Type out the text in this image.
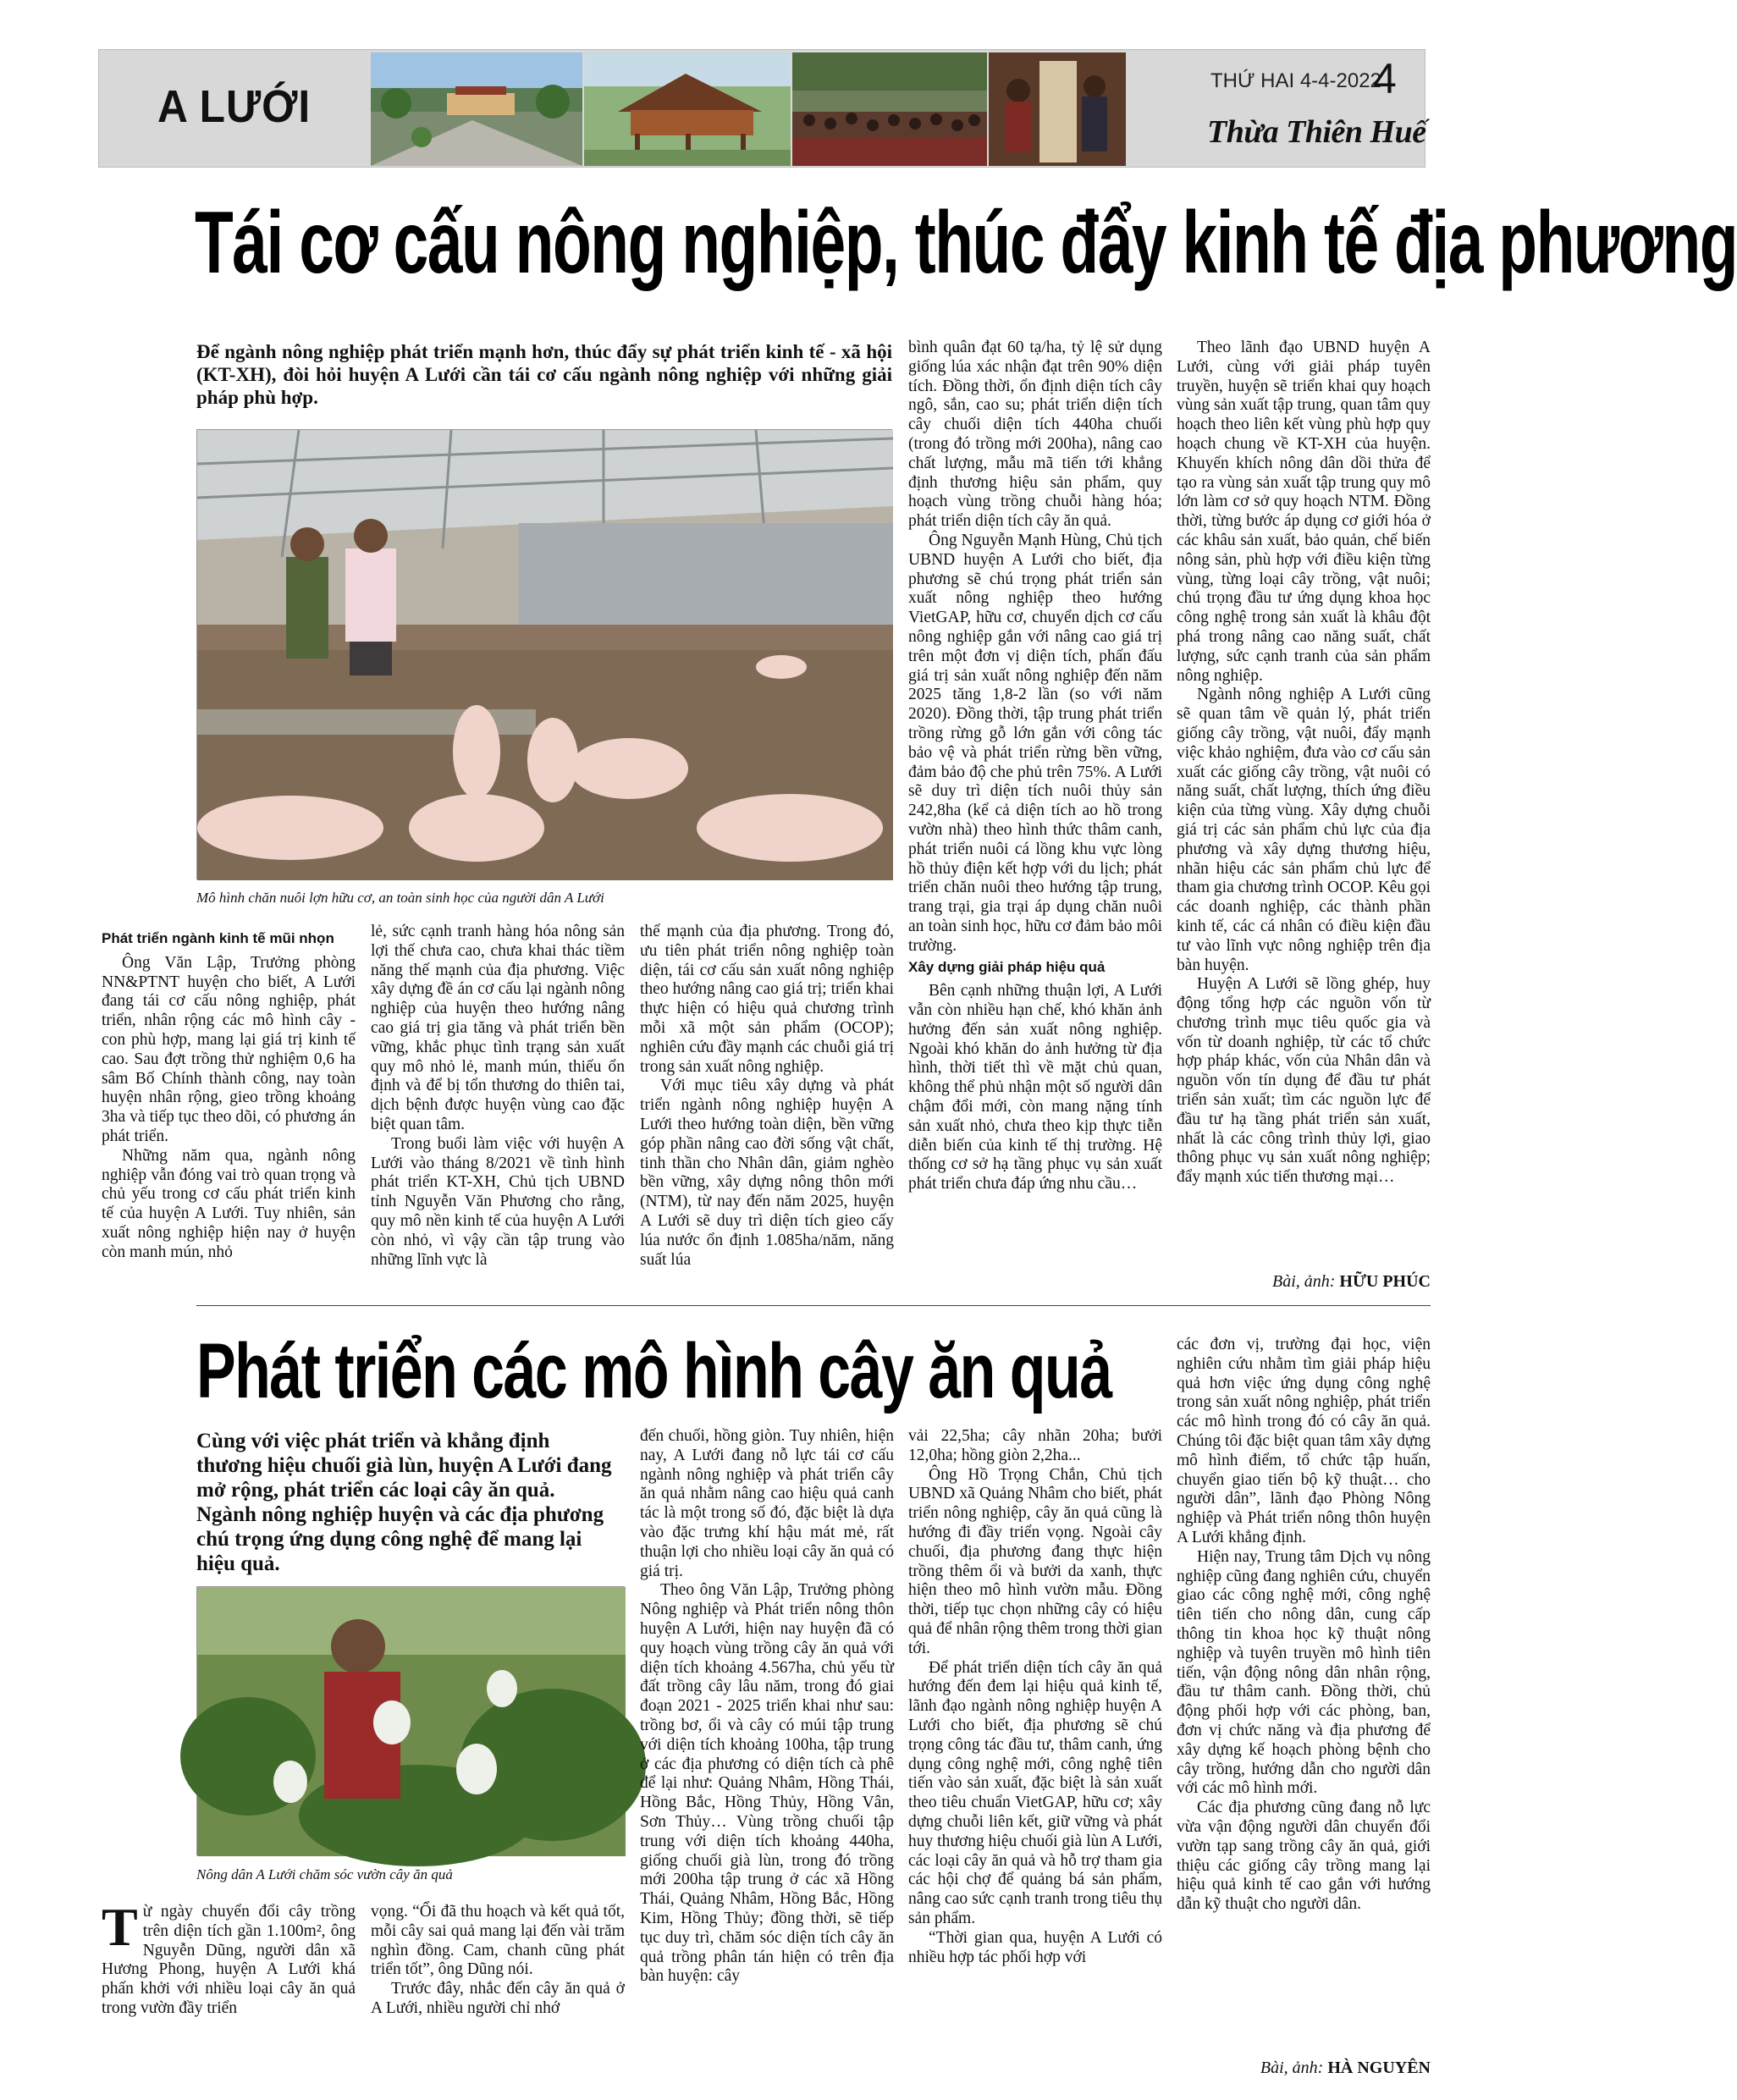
A LƯỚI
THỨ HAI 4-4-2022
4
Thừa Thiên Huế
Tái cơ cấu nông nghiệp, thúc đẩy kinh tế địa phương
Để ngành nông nghiệp phát triển mạnh hơn, thúc đẩy sự phát triển kinh tế - xã hội (KT-XH), đòi hỏi huyện A Lưới cần tái cơ cấu ngành nông nghiệp với những giải pháp phù hợp.
Mô hình chăn nuôi lợn hữu cơ, an toàn sinh học của người dân A Lưới

Phát triển ngành kinh tế mũi nhọn

Ông Văn Lập, Trưởng phòng NN&PTNT huyện cho biết, A Lưới đang tái cơ cấu nông nghiệp, phát triển, nhân rộng các mô hình cây - con phù hợp, mang lại giá trị kinh tế cao. Sau đợt trồng thử nghiệm 0,6 ha sâm Bố Chính thành công, nay toàn huyện nhân rộng, gieo trồng khoảng 3ha và tiếp tục theo dõi, có phương án phát triển.

Những năm qua, ngành nông nghiệp vẫn đóng vai trò quan trọng và chủ yếu trong cơ cấu phát triển kinh tế của huyện A Lưới. Tuy nhiên, sản xuất nông nghiệp hiện nay ở huyện còn manh mún, nhỏ

lẻ, sức cạnh tranh hàng hóa nông sản lợi thế chưa cao, chưa khai thác tiềm năng thế mạnh của địa phương. Việc xây dựng đề án cơ cấu lại ngành nông nghiệp của huyện theo hướng nâng cao giá trị gia tăng và phát triển bền vững, khắc phục tình trạng sản xuất quy mô nhỏ lẻ, manh mún, thiếu ổn định và để bị tổn thương do thiên tai, dịch bệnh được huyện vùng cao đặc biệt quan tâm.

Trong buổi làm việc với huyện A Lưới vào tháng 8/2021 về tình hình phát triển KT-XH, Chủ tịch UBND tỉnh Nguyễn Văn Phương cho rằng, quy mô nền kinh tế của huyện A Lưới còn nhỏ, vì vậy cần tập trung vào những lĩnh vực là

thế mạnh của địa phương. Trong đó, ưu tiên phát triển nông nghiệp toàn diện, tái cơ cấu sản xuất nông nghiệp theo hướng nâng cao giá trị; triển khai thực hiện có hiệu quả chương trình mỗi xã một sản phẩm (OCOP); nghiên cứu đầy mạnh các chuỗi giá trị trong sản xuất nông nghiệp.

Với mục tiêu xây dựng và phát triển ngành nông nghiệp huyện A Lưới theo hướng toàn diện, bền vững góp phần nâng cao đời sống vật chất, tinh thần cho Nhân dân, giảm nghèo bền vững, xây dựng nông thôn mới (NTM), từ nay đến năm 2025, huyện A Lưới sẽ duy trì diện tích gieo cấy lúa nước ổn định 1.085ha/năm, năng suất lúa

bình quân đạt 60 tạ/ha, tỷ lệ sử dụng giống lúa xác nhận đạt trên 90% diện tích. Đồng thời, ổn định diện tích cây ngô, sắn, cao su; phát triển diện tích cây chuối diện tích 440ha chuối (trong đó trồng mới 200ha), nâng cao chất lượng, mẫu mã tiến tới khẳng định thương hiệu sản phẩm, quy hoạch vùng trồng chuỗi hàng hóa; phát triển diện tích cây ăn quả.

Ông Nguyễn Mạnh Hùng, Chủ tịch UBND huyện A Lưới cho biết, địa phương sẽ chú trọng phát triển sản xuất nông nghiệp theo hướng VietGAP, hữu cơ, chuyển dịch cơ cấu nông nghiệp gắn với nâng cao giá trị trên một đơn vị diện tích, phấn đấu giá trị sản xuất nông nghiệp đến năm 2025 tăng 1,8-2 lần (so với năm 2020). Đồng thời, tập trung phát triển trồng rừng gỗ lớn gắn với công tác bảo vệ và phát triển rừng bền vững, đảm bảo độ che phủ trên 75%. A Lưới sẽ duy trì diện tích nuôi thủy sản 242,8ha (kể cả diện tích ao hồ trong vườn nhà) theo hình thức thâm canh, phát triển nuôi cá lồng khu vực lòng hồ thủy điện kết hợp với du lịch; phát triển chăn nuôi theo hướng tập trung, trang trại, gia trại áp dụng chăn nuôi an toàn sinh học, hữu cơ đảm bảo môi trường.

Xây dựng giải pháp hiệu quả

Bên cạnh những thuận lợi, A Lưới vẫn còn nhiều hạn chế, khó khăn ảnh hưởng đến sản xuất nông nghiệp. Ngoài khó khăn do ảnh hưởng từ địa hình, thời tiết thì về mặt chủ quan, không thể phủ nhận một số người dân chậm đổi mới, còn mang nặng tính sản xuất nhỏ, chưa theo kịp thực tiễn diễn biến của kinh tế thị trường. Hệ thống cơ sở hạ tầng phục vụ sản xuất phát triển chưa đáp ứng nhu cầu…

Theo lãnh đạo UBND huyện A Lưới, cùng với giải pháp tuyên truyền, huyện sẽ triển khai quy hoạch vùng sản xuất tập trung, quan tâm quy hoạch theo liên kết vùng phù hợp quy hoạch chung về KT-XH của huyện. Khuyến khích nông dân dồi thửa để tạo ra vùng sản xuất tập trung quy mô lớn làm cơ sở quy hoạch NTM. Đồng thời, từng bước áp dụng cơ giới hóa ở các khâu sản xuất, bảo quản, chế biến nông sản, phù hợp với điều kiện từng vùng, từng loại cây trồng, vật nuôi; chú trọng đầu tư ứng dụng khoa học công nghệ trong sản xuất là khâu đột phá trong nâng cao năng suất, chất lượng, sức cạnh tranh của sản phẩm nông nghiệp.

Ngành nông nghiệp A Lưới cũng sẽ quan tâm về quản lý, phát triển giống cây trồng, vật nuôi, đẩy mạnh việc khảo nghiệm, đưa vào cơ cấu sản xuất các giống cây trồng, vật nuôi có năng suất, chất lượng, thích ứng điều kiện của từng vùng. Xây dựng chuỗi giá trị các sản phẩm chủ lực của địa phương và xây dựng thương hiệu, nhãn hiệu các sản phẩm chủ lực để tham gia chương trình OCOP. Kêu gọi các doanh nghiệp, các thành phần kinh tế, các cá nhân có điều kiện đầu tư vào lĩnh vực nông nghiệp trên địa bàn huyện.

Huyện A Lưới sẽ lồng ghép, huy động tổng hợp các nguồn vốn từ chương trình mục tiêu quốc gia và vốn từ doanh nghiệp, từ các tổ chức hợp pháp khác, vốn của Nhân dân và nguồn vốn tín dụng để đầu tư phát triển sản xuất; tìm các nguồn lực để đầu tư hạ tầng phát triển sản xuất, nhất là các công trình thủy lợi, giao thông phục vụ sản xuất nông nghiệp; đẩy mạnh xúc tiến thương mại…

Bài, ảnh: HỮU PHÚC
Phát triển các mô hình cây ăn quả
Cùng với việc phát triển và khẳng định thương hiệu chuối già lùn, huyện A Lưới đang mở rộng, phát triển các loại cây ăn quả. Ngành nông nghiệp huyện và các địa phương chú trọng ứng dụng công nghệ để mang lại hiệu quả.
Nông dân A Lưới chăm sóc vườn cây ăn quả

Từ ngày chuyển đổi cây trồng trên diện tích gần 1.100m², ông Nguyễn Dũng, người dân xã Hương Phong, huyện A Lưới khá phấn khởi với nhiều loại cây ăn quả trong vườn đầy triển

vọng. “Ổi đã thu hoạch và kết quả tốt, mỗi cây sai quả mang lại đến vài trăm nghìn đồng. Cam, chanh cũng phát triển tốt”, ông Dũng nói.

Trước đây, nhắc đến cây ăn quả ở A Lưới, nhiều người chỉ nhớ

đến chuối, hồng giòn. Tuy nhiên, hiện nay, A Lưới đang nỗ lực tái cơ cấu ngành nông nghiệp và phát triển cây ăn quả nhằm nâng cao hiệu quả canh tác là một trong số đó, đặc biệt là dựa vào đặc trưng khí hậu mát mẻ, rất thuận lợi cho nhiều loại cây ăn quả có giá trị.

Theo ông Văn Lập, Trưởng phòng Nông nghiệp và Phát triển nông thôn huyện A Lưới, hiện nay huyện đã có quy hoạch vùng trồng cây ăn quả với diện tích khoảng 4.567ha, chủ yếu từ đất trồng cây lâu năm, trong đó giai đoạn 2021 - 2025 triển khai như sau: trồng bơ, ổi và cây có múi tập trung với diện tích khoảng 100ha, tập trung ở các địa phương có diện tích cà phê để lại như: Quảng Nhâm, Hồng Thái, Hồng Bắc, Hồng Thủy, Hồng Vân, Sơn Thủy… Vùng trồng chuối tập trung với diện tích khoảng 440ha, giống chuối già lùn, trong đó trồng mới 200ha tập trung ở các xã Hồng Thái, Quảng Nhâm, Hồng Bắc, Hồng Kim, Hồng Thủy; đồng thời, sẽ tiếp tục duy trì, chăm sóc diện tích cây ăn quả trồng phân tán hiện có trên địa bàn huyện: cây

vải 22,5ha; cây nhãn 20ha; bưởi 12,0ha; hồng giòn 2,2ha...

Ông Hồ Trọng Chắn, Chủ tịch UBND xã Quảng Nhâm cho biết, phát triển nông nghiệp, cây ăn quả cũng là hướng đi đầy triển vọng. Ngoài cây chuối, địa phương đang thực hiện trồng thêm ổi và bưởi da xanh, thực hiện theo mô hình vườn mẫu. Đồng thời, tiếp tục chọn những cây có hiệu quả để nhân rộng thêm trong thời gian tới.

Để phát triển diện tích cây ăn quả hướng đến đem lại hiệu quả kinh tế, lãnh đạo ngành nông nghiệp huyện A Lưới cho biết, địa phương sẽ chú trọng công tác đầu tư, thâm canh, ứng dụng công nghệ mới, công nghệ tiên tiến vào sản xuất, đặc biệt là sản xuất theo tiêu chuẩn VietGAP, hữu cơ; xây dựng chuỗi liên kết, giữ vững và phát huy thương hiệu chuối già lùn A Lưới, các loại cây ăn quả và hỗ trợ tham gia các hội chợ để quảng bá sản phẩm, nâng cao sức cạnh tranh trong tiêu thụ sản phẩm.

“Thời gian qua, huyện A Lưới có nhiều hợp tác phối hợp với

các đơn vị, trường đại học, viện nghiên cứu nhằm tìm giải pháp hiệu quả hơn việc ứng dụng công nghệ trong sản xuất nông nghiệp, phát triển các mô hình trong đó có cây ăn quả. Chúng tôi đặc biệt quan tâm xây dựng mô hình điểm, tổ chức tập huấn, chuyển giao tiến bộ kỹ thuật… cho người dân”, lãnh đạo Phòng Nông nghiệp và Phát triển nông thôn huyện A Lưới khẳng định.

Hiện nay, Trung tâm Dịch vụ nông nghiệp cũng đang nghiên cứu, chuyển giao các công nghệ mới, công nghệ tiên tiến cho nông dân, cung cấp thông tin khoa học kỹ thuật nông nghiệp và tuyên truyền mô hình tiên tiến, vận động nông dân nhân rộng, đầu tư thâm canh. Đồng thời, chủ động phối hợp với các phòng, ban, đơn vị chức năng và địa phương để xây dựng kế hoạch phòng bệnh cho cây trồng, hướng dẫn cho người dân với các mô hình mới.

Các địa phương cũng đang nỗ lực vừa vận động người dân chuyển đổi vườn tạp sang trồng cây ăn quả, giới thiệu các giống cây trồng mang lại hiệu quả kinh tế cao gắn với hướng dẫn kỹ thuật cho người dân.

Bài, ảnh: HÀ NGUYÊN
